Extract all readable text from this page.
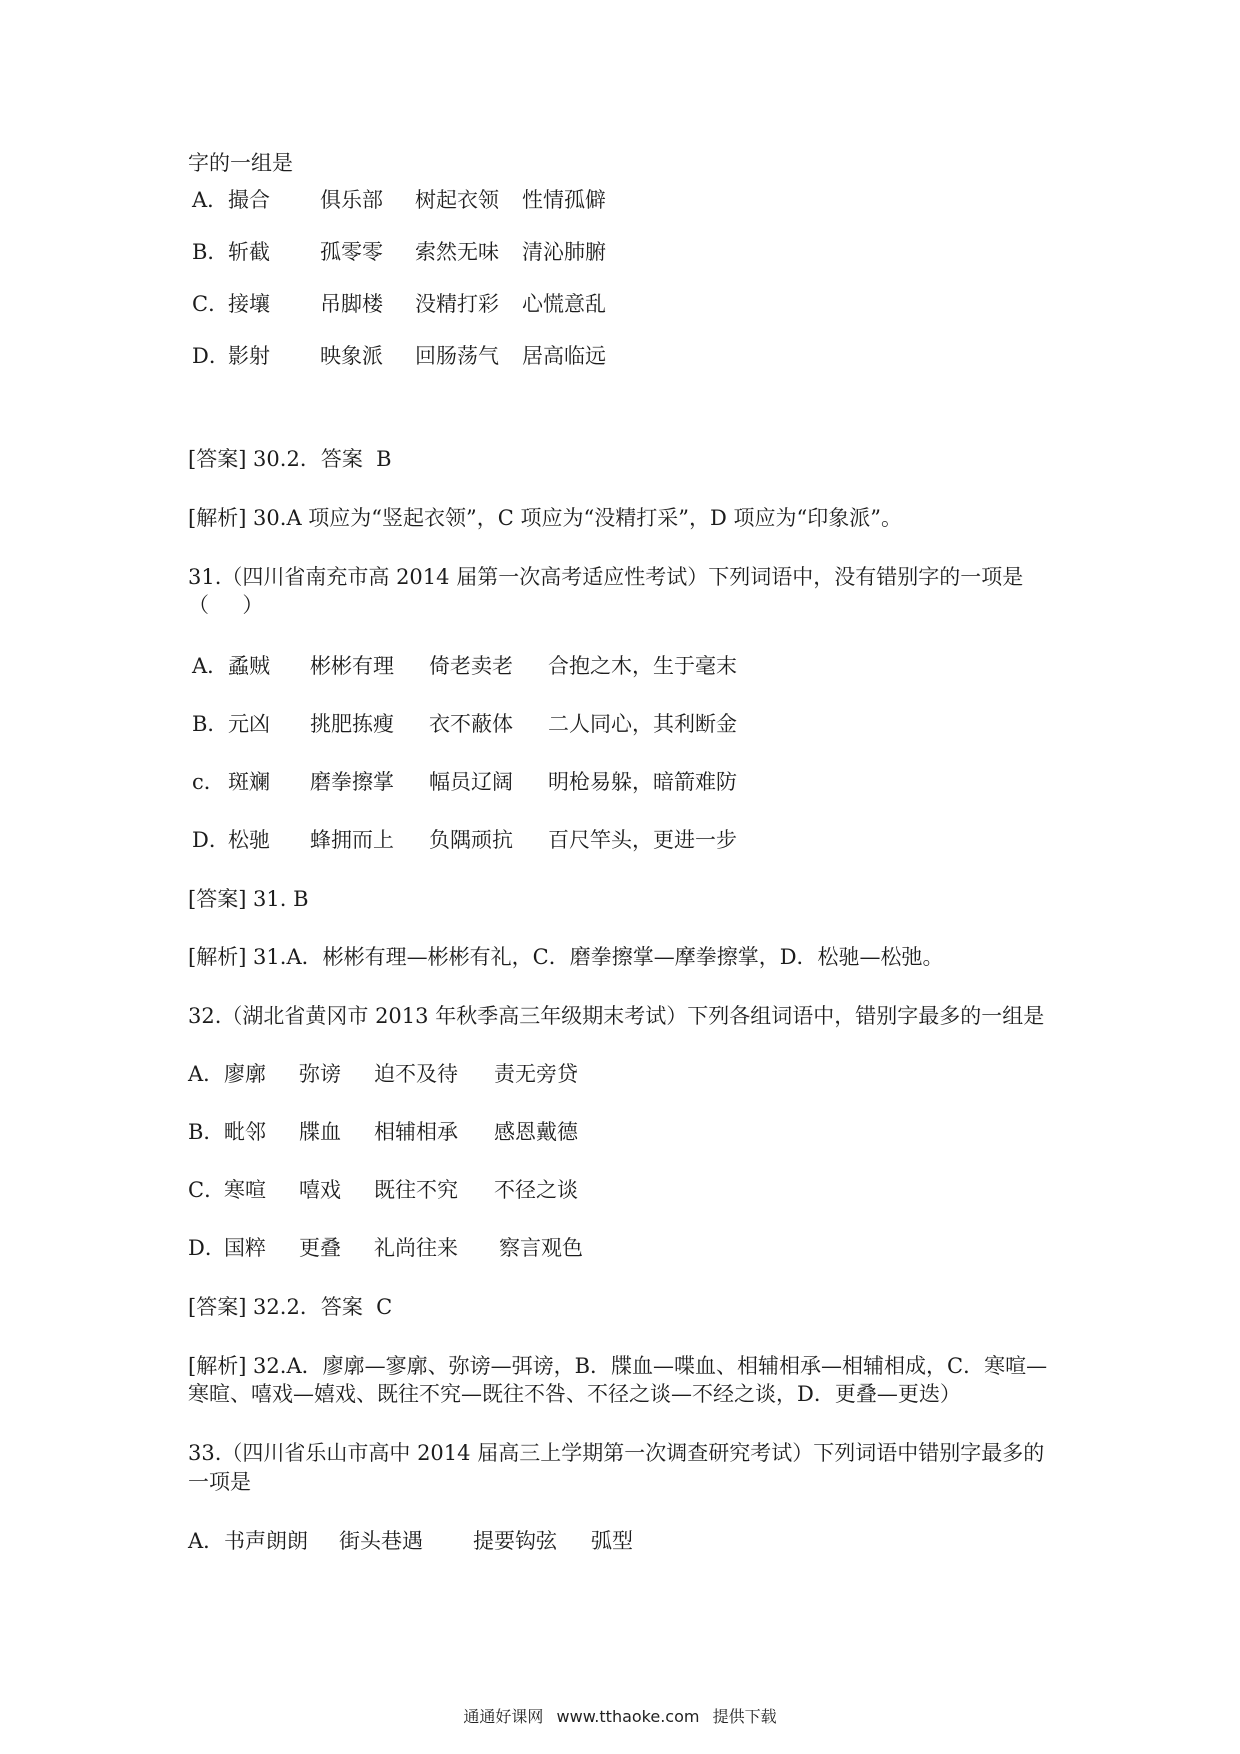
字的一组是
A．撮合 俱乐部 树起衣领 性情孤僻
B．斩截 孤零零 索然无味 清沁肺腑
C．接壤 吊脚楼 没精打彩 心慌意乱
D．影射 映象派 回肠荡气 居高临远
[答案] 30.2．答案  B
[解析] 30.A 项应为“竖起衣领”，C 项应为“没精打采”，D 项应为“印象派”。
31.（四川省南充市高 2014 届第一次高考适应性考试）下列词语中，没有错别字的一项是
（     ）
A．蟊贼 彬彬有理 倚老卖老 合抱之木，生于毫末
B．元凶 挑肥拣瘦 衣不蔽体 二人同心，其利断金
c． 斑斓 磨拳擦掌 幅员辽阔 明枪易躲，暗箭难防
D．松驰 蜂拥而上 负隅顽抗 百尺竿头，更进一步
[答案] 31. B
[解析] 31.A．彬彬有理—彬彬有礼，C．磨拳擦掌—摩拳擦掌，D．松驰—松弛。
32.（湖北省黄冈市 2013 年秋季高三年级期末考试）下列各组词语中，错别字最多的一组是
A．廖廓 弥谤 迫不及待 责无旁贷
B．毗邻 牒血 相辅相承 感恩戴德
C．寒喧 嘻戏 既往不究 不径之谈
D．国粹 更叠 礼尚往来 察言观色
[答案] 32.2．答案  C
[解析] 32.A．廖廓—寥廓、弥谤—弭谤，B．牒血—喋血、相辅相承—相辅相成，C．寒喧—
寒暄、嘻戏—嬉戏、既往不究—既往不咎、不径之谈—不经之谈，D．更叠—更迭）
33.（四川省乐山市高中 2014 届高三上学期第一次调查研究考试）下列词语中错别字最多的
一项是
A．书声朗朗 街头巷遇 提要钩弦 弧型
通通好课网 www.tthaoke.com 提供下载
